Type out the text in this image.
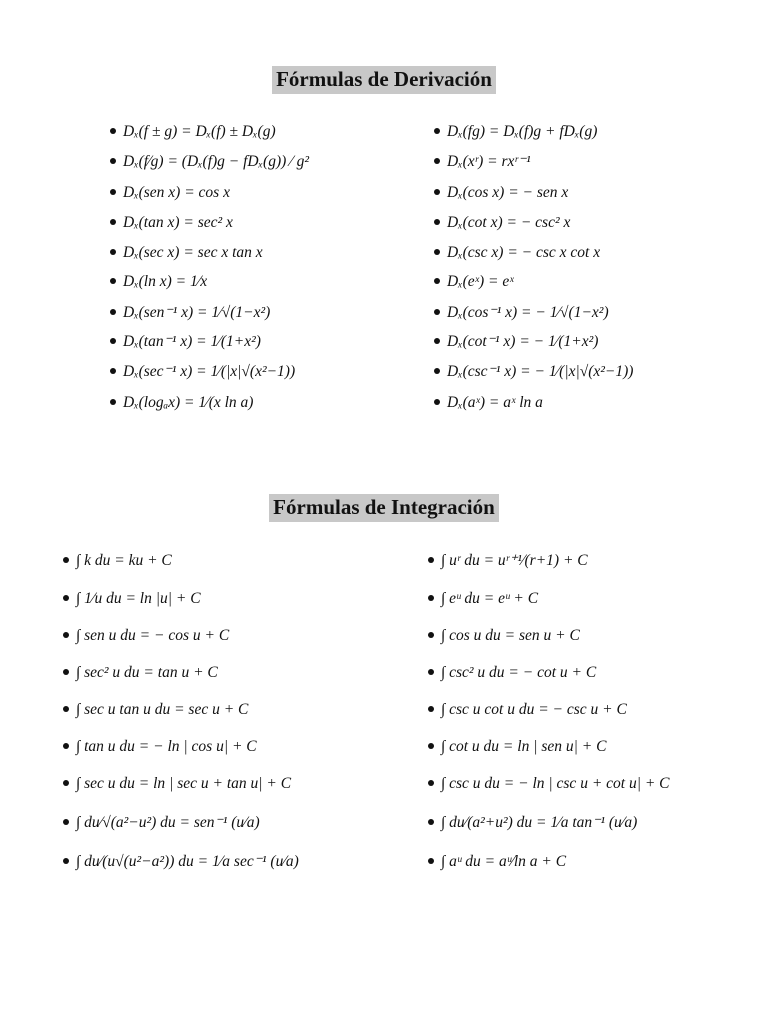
Fórmulas de Derivación
Dₓ(f ± g) = Dₓ(f) ± Dₓ(g)
Dₓ(f⁄g) = (Dₓ(f)g − fDₓ(g)) ⁄ g²
Dₓ(sen x) = cos x
Dₓ(tan x) = sec² x
Dₓ(sec x) = sec x tan x
Dₓ(ln x) = 1⁄x
Dₓ(sen⁻¹ x) = 1⁄√(1−x²)
Dₓ(tan⁻¹ x) = 1⁄(1+x²)
Dₓ(sec⁻¹ x) = 1⁄(|x|√(x²−1))
Dₓ(logₐx) = 1⁄(x ln a)
Dₓ(fg) = Dₓ(f)g + fDₓ(g)
Dₓ(xʳ) = rxʳ⁻¹
Dₓ(cos x) = − sen x
Dₓ(cot x) = − csc² x
Dₓ(csc x) = − csc x cot x
Dₓ(eˣ) = eˣ
Dₓ(cos⁻¹ x) = − 1⁄√(1−x²)
Dₓ(cot⁻¹ x) = − 1⁄(1+x²)
Dₓ(csc⁻¹ x) = − 1⁄(|x|√(x²−1))
Dₓ(aˣ) = aˣ ln a
Fórmulas de Integración
∫ k du = ku + C
∫ 1⁄u du = ln |u| + C
∫ sen u du = − cos u + C
∫ sec² u du = tan u + C
∫ sec u tan u du = sec u + C
∫ tan u du = − ln | cos u| + C
∫ sec u du = ln | sec u + tan u| + C
∫ du⁄√(a²−u²) du = sen⁻¹ (u⁄a)
∫ du⁄(u√(u²−a²)) du = 1⁄a sec⁻¹ (u⁄a)
∫ uʳ du = uʳ⁺¹⁄(r+1) + C
∫ eᵘ du = eᵘ + C
∫ cos u du = sen u + C
∫ csc² u du = − cot u + C
∫ csc u cot u du = − csc u + C
∫ cot u du = ln | sen u| + C
∫ csc u du = − ln | csc u + cot u| + C
∫ du⁄(a²+u²) du = 1⁄a tan⁻¹ (u⁄a)
∫ aᵘ du = aᵘ⁄ln a + C
